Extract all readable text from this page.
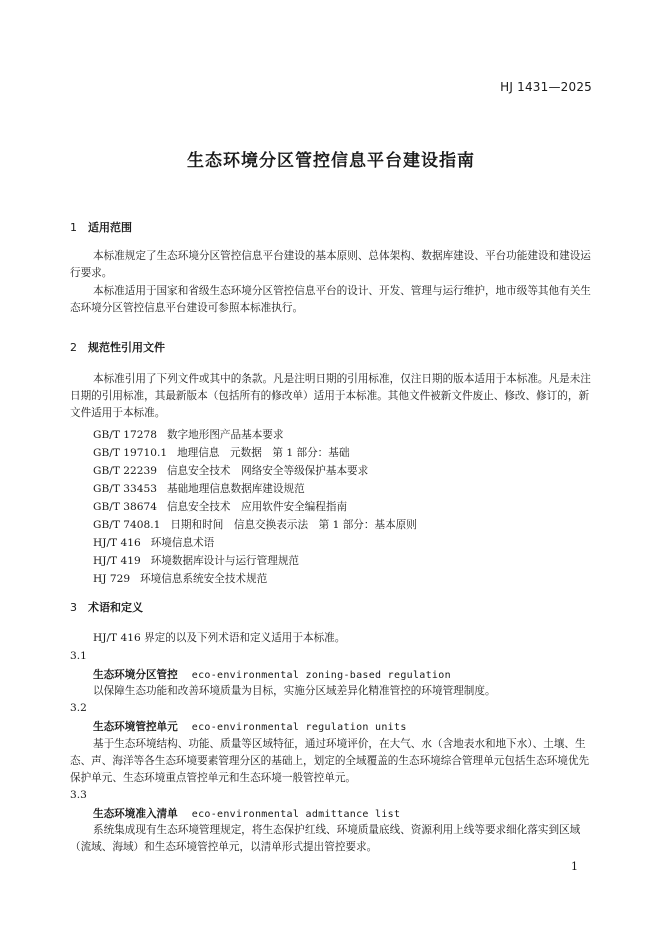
HJ 1431—2025
生态环境分区管控信息平台建设指南
1 适用范围
本标准规定了生态环境分区管控信息平台建设的基本原则、总体架构、数据库建设、平台功能建设和建设运行要求。
本标准适用于国家和省级生态环境分区管控信息平台的设计、开发、管理与运行维护，地市级等其他有关生态环境分区管控信息平台建设可参照本标准执行。
2 规范性引用文件
本标准引用了下列文件或其中的条款。凡是注明日期的引用标准，仅注日期的版本适用于本标准。凡是未注日期的引用标准，其最新版本（包括所有的修改单）适用于本标准。其他文件被新文件废止、修改、修订的，新文件适用于本标准。
GB/T 17278 数字地形图产品基本要求
GB/T 19710.1 地理信息　元数据　第 1 部分：基础
GB/T 22239 信息安全技术　网络安全等级保护基本要求
GB/T 33453 基础地理信息数据库建设规范
GB/T 38674 信息安全技术　应用软件安全编程指南
GB/T 7408.1 日期和时间　信息交换表示法　第 1 部分：基本原则
HJ/T 416 环境信息术语
HJ/T 419 环境数据库设计与运行管理规范
HJ 729 环境信息系统安全技术规范
3 术语和定义
HJ/T 416 界定的以及下列术语和定义适用于本标准。
3.1
生态环境分区管控 eco-environmental zoning-based regulation
以保障生态功能和改善环境质量为目标，实施分区域差异化精准管控的环境管理制度。
3.2
生态环境管控单元 eco-environmental regulation units
基于生态环境结构、功能、质量等区域特征，通过环境评价，在大气、水（含地表水和地下水）、土壤、生态、声、海洋等各生态环境要素管理分区的基础上，划定的全域覆盖的生态环境综合管理单元包括生态环境优先保护单元、生态环境重点管控单元和生态环境一般管控单元。
3.3
生态环境准入清单 eco-environmental admittance list
系统集成现有生态环境管理规定，将生态保护红线、环境质量底线、资源利用上线等要求细化落实到区域（流域、海域）和生态环境管控单元，以清单形式提出管控要求。
1
